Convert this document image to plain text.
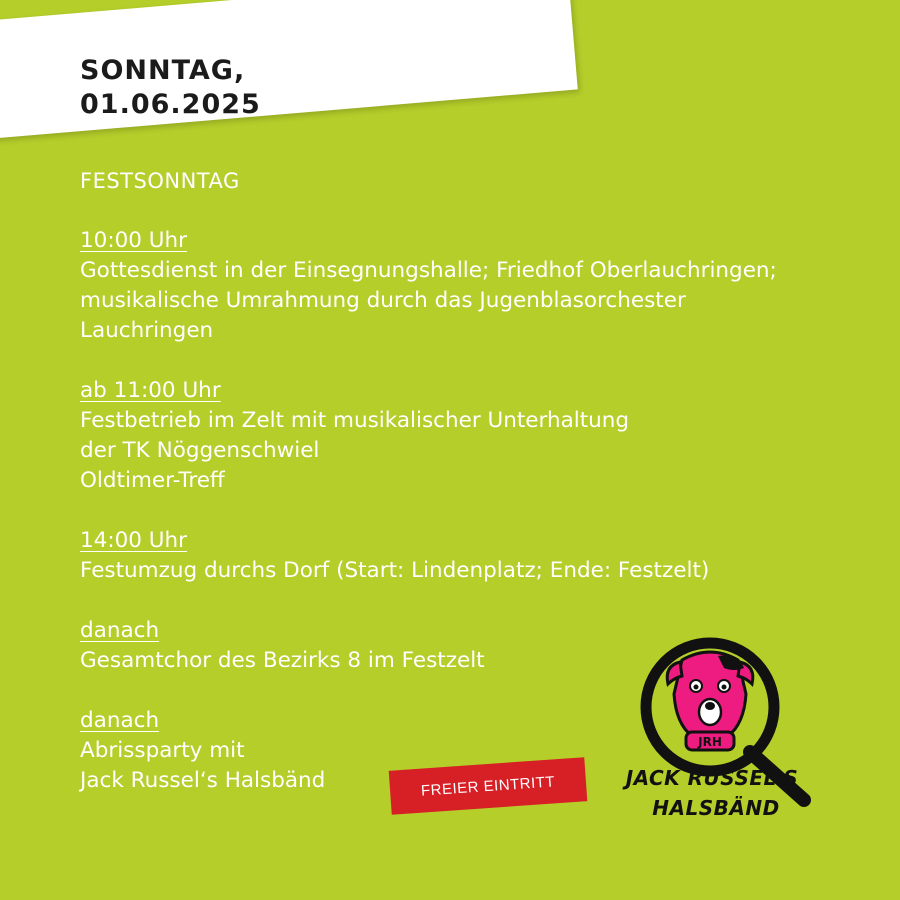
SONNTAG,
01.06.2025
FESTSONNTAG
10:00 Uhr
Gottesdienst in der Einsegnungshalle; Friedhof Oberlauchringen;
musikalische Umrahmung durch das Jugenblasorchester
Lauchringen
ab 11:00 Uhr
Festbetrieb im Zelt mit musikalischer Unterhaltung
der TK Nöggenschwiel
Oldtimer-Treff
14:00 Uhr
Festumzug durchs Dorf (Start: Lindenplatz; Ende: Festzelt)
danach
Gesamtchor des Bezirks 8 im Festzelt
danach
Abrissparty mit
Jack Russel‘s Halsbänd	FREIER EINTRITT
JRH
JACK RUSSEL'S
HALSBÄND
